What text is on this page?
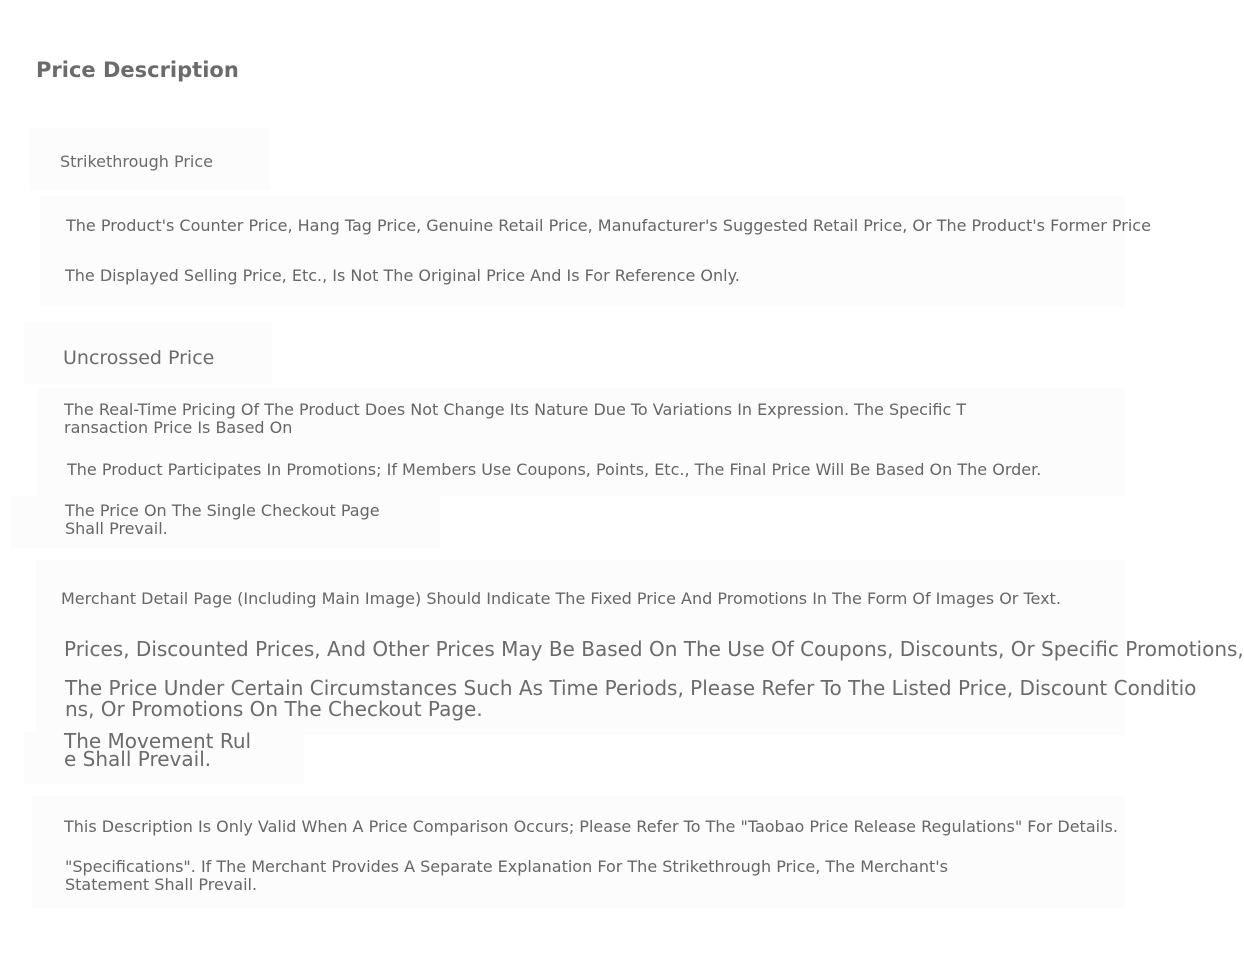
Price Description
Strikethrough Price
The Product's Counter Price, Hang Tag Price, Genuine Retail Price, Manufacturer's Suggested Retail Price, Or The Product's Former Price
The Displayed Selling Price, Etc., Is Not The Original Price And Is For Reference Only.
Uncrossed Price
The Real-Time Pricing Of The Product Does Not Change Its Nature Due To Variations In Expression. The Specific T
ransaction Price Is Based On
The Product Participates In Promotions; If Members Use Coupons, Points, Etc., The Final Price Will Be Based On The Order.
The Price On The Single Checkout Page
Shall Prevail.
Merchant Detail Page (Including Main Image) Should Indicate The Fixed Price And Promotions In The Form Of Images Or Text.
Prices, Discounted Prices, And Other Prices May Be Based On The Use Of Coupons, Discounts, Or Specific Promotions,
The Price Under Certain Circumstances Such As Time Periods, Please Refer To The Listed Price, Discount Conditio
ns, Or Promotions On The Checkout Page.
The Movement Rul
e Shall Prevail.
This Description Is Only Valid When A Price Comparison Occurs; Please Refer To The "Taobao Price Release Regulations" For Details.
"Specifications". If The Merchant Provides A Separate Explanation For The Strikethrough Price, The Merchant's
Statement Shall Prevail.
